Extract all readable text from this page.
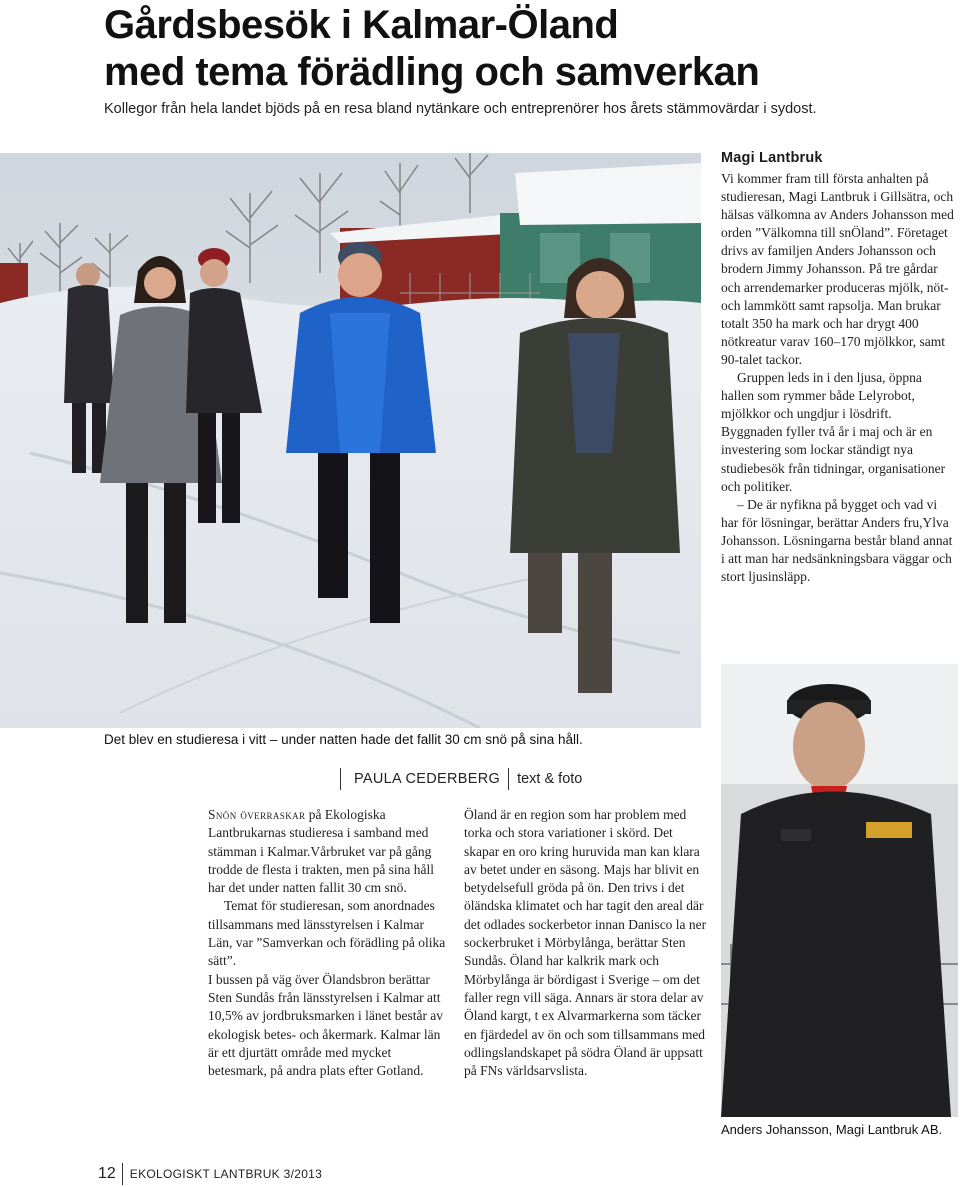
Gårdsbesök i Kalmar-Öland
med tema förädling och samverkan
Kollegor från hela landet bjöds på en resa bland nytänkare och entreprenörer hos årets stämmovärdar i sydost.
Det blev en studieresa i vitt – under natten hade det fallit 30 cm snö på sina håll.
PAULA CEDERBERG text & foto
Magi Lantbruk

Vi kommer fram till första anhalten på studieresan, Magi Lantbruk i Gillsätra, och hälsas välkomna av Anders Johansson med orden ”Välkomna till snÖland”. Företaget drivs av familjen Anders Johansson och brodern Jimmy Johansson. På tre gårdar och arrendemarker produceras mjölk, nöt- och lammkött samt rapsolja. Man brukar totalt 350 ha mark och har drygt 400 nötkreatur varav 160–170 mjölkkor, samt 90-talet tackor.

Gruppen leds in i den ljusa, öppna hallen som rymmer både Lelyrobot, mjölkkor och ungdjur i lösdrift. Byggnaden fyller två år i maj och är en investering som lockar ständigt nya studiebesök från tidningar, organisationer och politiker.

– De är nyfikna på bygget och vad vi har för lösningar, berättar Anders fru,Ylva Johansson. Lösningarna består bland annat i att man har nedsänkningsbara väggar och stort ljusinsläpp.

Snön överraskar på Ekologiska Lantbrukarnas studieresa i samband med stämman i Kalmar.Vårbruket var på gång trodde de flesta i trakten, men på sina håll har det under natten fallit 30 cm snö.

Temat för studieresan, som anordnades tillsammans med länsstyrelsen i Kalmar Län, var ”Samverkan och förädling på olika sätt”.

I bussen på väg över Ölandsbron berättar Sten Sundås från länsstyrelsen i Kalmar att 10,5% av jordbruksmarken i länet består av ekologisk betes- och åkermark. Kalmar län är ett djurtätt område med mycket betesmark, på andra plats efter Gotland.

Öland är en region som har problem med torka och stora variationer i skörd. Det skapar en oro kring huruvida man kan klara av betet under en säsong. Majs har blivit en betydelsefull gröda på ön. Den trivs i det öländska klimatet och har tagit den areal där det odlades sockerbetor innan Danisco la ner sockerbruket i Mörbylånga, berättar Sten Sundås. Öland har kalkrik mark och Mörbylånga är bördigast i Sverige – om det faller regn vill säga. Annars är stora delar av Öland kargt, t ex Alvarmarkerna som täcker en fjärdedel av ön och som tillsammans med odlingslandskapet på södra Öland är uppsatt på FNs världsarvslista.

Anders Johansson, Magi Lantbruk AB.
12 EKOLOGISKT LANTBRUK 3/2013
